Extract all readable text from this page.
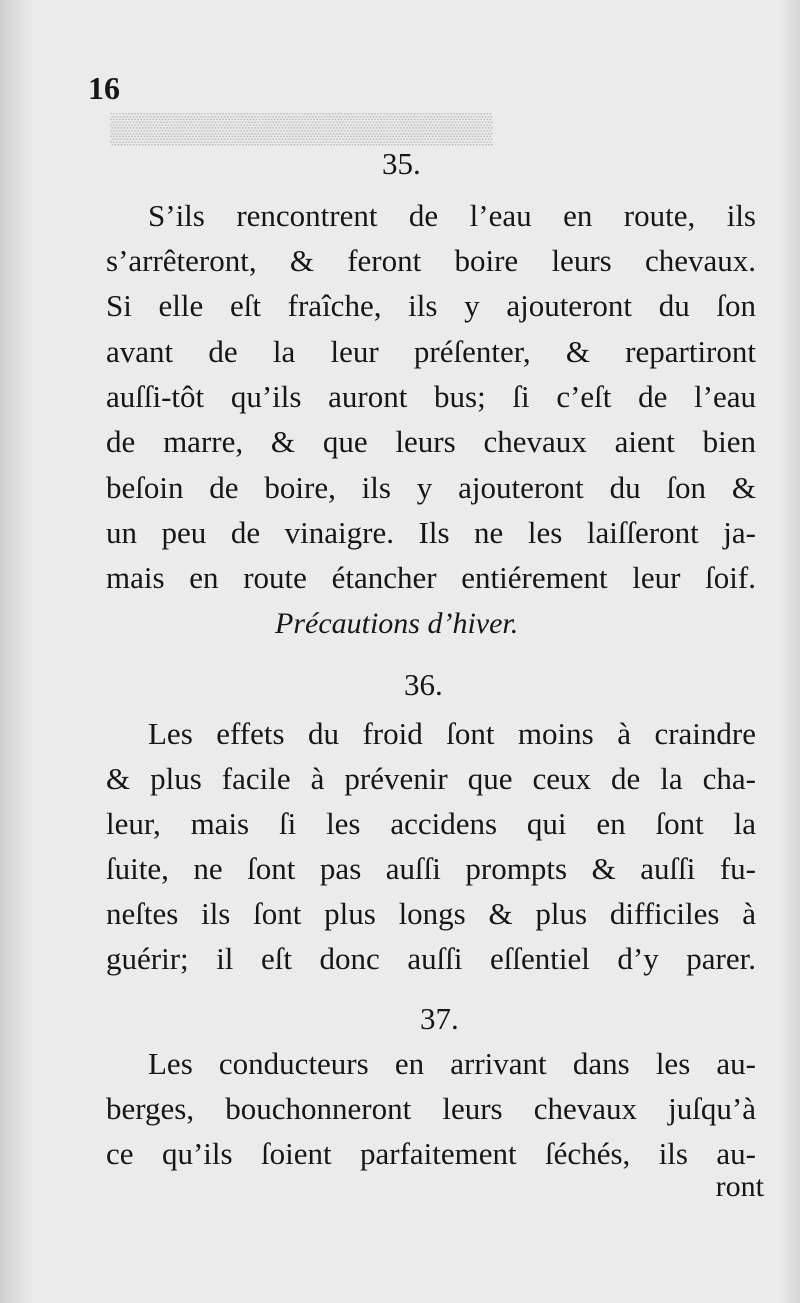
▒▒▒▒▒▒▒▒▒▒▒▒▒▒▒▒▒▒
16
35.
S’ils rencontrent de l’eau en route, ils
s’arrêteront, & feront boire leurs chevaux.
Si elle eſt fraîche, ils y ajouteront du ſon
avant de la leur préſenter, & repartiront
auſſi-tôt qu’ils auront bus; ſi c’eſt de l’eau
de marre, & que leurs chevaux aient bien
beſoin de boire, ils y ajouteront du ſon &
un peu de vinaigre. Ils ne les laiſſeront ja-
mais en route étancher entiérement leur ſoif.
Précautions d’hiver.
36.
Les effets du froid ſont moins à craindre
& plus facile à prévenir que ceux de la cha-
leur, mais ſi les accidens qui en ſont la
ſuite, ne ſont pas auſſi prompts & auſſi fu-
neſtes ils ſont plus longs & plus difficiles à
guérir; il eſt donc auſſi eſſentiel d’y parer.
37.
Les conducteurs en arrivant dans les au-
berges, bouchonneront leurs chevaux juſqu’à
ce qu’ils ſoient parfaitement ſéchés, ils au-
ront
